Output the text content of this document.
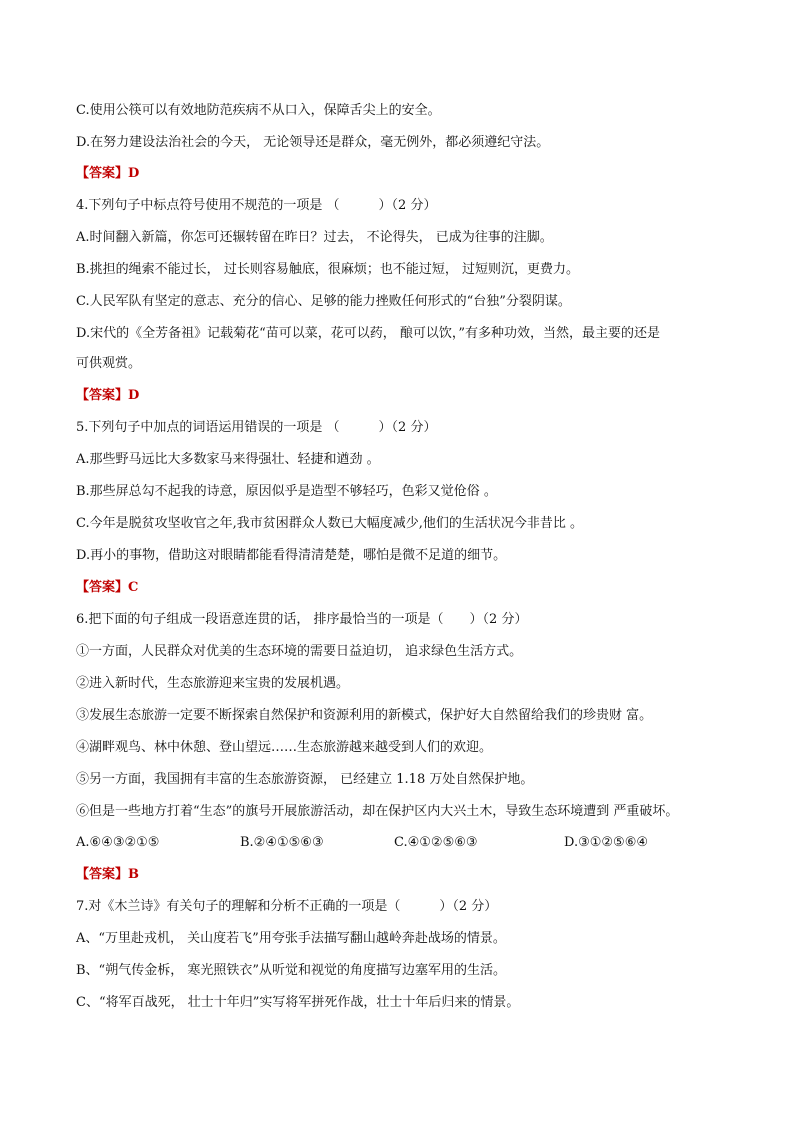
C.使用公筷可以有效地防范疾病不从口入，保障舌尖上的安全。
D.在努力建设法治社会的今天， 无论领导还是群众，毫无例外，都必须遵纪守法。
【答案】D
4.下列句子中标点符号使用不规范的一项是 （　　　）（2 分）
A.时间翻入新篇，你怎可还辗转留在昨日？过去， 不论得失， 已成为往事的注脚。
B.挑担的绳索不能过长， 过长则容易触底，很麻烦；也不能过短， 过短则沉，更费力。
C.人民军队有坚定的意志、充分的信心、足够的能力挫败任何形式的“台独”分裂阴谋。
D.宋代的《全芳备祖》记载菊花“苗可以菜，花可以药， 酿可以饮，”有多种功效，当然，最主要的还是
可供观赏。
【答案】D
5.下列句子中加点的词语运用错误的一项是 （　　　）（2 分）
A.那些野马远比大多数家马来得强壮、轻捷和遒劲 。
B.那些屏总勾不起我的诗意，原因似乎是造型不够轻巧，色彩又觉伧俗 。
C.今年是脱贫攻坚收官之年,我市贫困群众人数已大幅度减少,他们的生活状况今非昔比 。
D.再小的事物，借助这对眼睛都能看得清清楚楚，哪怕是微不足道的细节。
【答案】C
6.把下面的句子组成一段语意连贯的话， 排序最恰当的一项是（　　）（2 分）
①一方面，人民群众对优美的生态环境的需要日益迫切， 追求绿色生活方式。
②进入新时代，生态旅游迎来宝贵的发展机遇。
③发展生态旅游一定要不断探索自然保护和资源利用的新模式，保护好大自然留给我们的珍贵财 富。
④湖畔观鸟、林中休憩、登山望远……生态旅游越来越受到人们的欢迎。
⑤另一方面，我国拥有丰富的生态旅游资源， 已经建立 1.18 万处自然保护地。
⑥但是一些地方打着“生态”的旗号开展旅游活动，却在保护区内大兴土木，导致生态环境遭到 严重破坏。
A.⑥④③②①⑤	B.②④①⑤⑥③	C.④①②⑤⑥③	D.③①②⑤⑥④
【答案】B
7.对《木兰诗》有关句子的理解和分析不正确的一项是（　　　）（2 分）
A、“万里赴戎机， 关山度若飞”用夸张手法描写翻山越岭奔赴战场的情景。
B、“朔气传金柝， 寒光照铁衣”从听觉和视觉的角度描写边塞军用的生活。
C、“将军百战死， 壮士十年归”实写将军拼死作战，壮士十年后归来的情景。
